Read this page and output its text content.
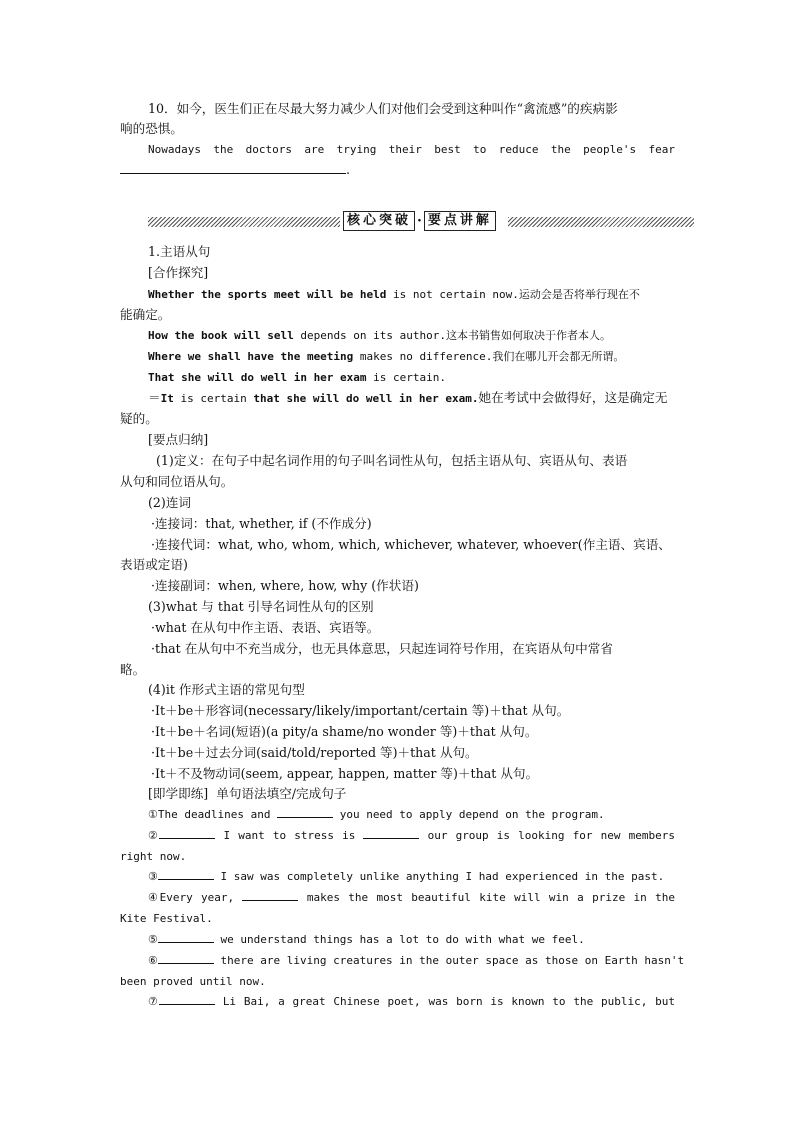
10．如今，医生们正在尽最大努力减少人们对他们会受到这种叫作“禽流感”的疾病影
响的恐惧。
Nowadays the doctors are trying their best to reduce the people's fear
.
核心突破 · 要点讲解
1.主语从句
[合作探究]
Whether the sports meet will be held is not certain now.运动会是否将举行现在不
能确定。
How the book will sell depends on its author.这本书销售如何取决于作者本人。
Where we shall have the meeting makes no difference.我们在哪儿开会都无所谓。
That she will do well in her exam is certain.
＝It is certain that she will do well in her exam.她在考试中会做得好，这是确定无
疑的。
[要点归纳]
(1)定义：在句子中起名词作用的句子叫名词性从句，包括主语从句、宾语从句、表语
从句和同位语从句。
(2)连词
·连接词：that, whether, if (不作成分)
·连接代词：what, who, whom, which, whichever, whatever, whoever(作主语、宾语、
表语或定语)
·连接副词：when, where, how, why (作状语)
(3)what 与 that 引导名词性从句的区别
·what 在从句中作主语、表语、宾语等。
·that 在从句中不充当成分，也无具体意思，只起连词符号作用，在宾语从句中常省
略。
(4)it 作形式主语的常见句型
·It＋be＋形容词(necessary/likely/important/certain 等)＋that 从句。
·It＋be＋名词(短语)(a pity/a shame/no wonder 等)＋that 从句。
·It＋be＋过去分词(said/told/reported 等)＋that 从句。
·It＋不及物动词(seem, appear, happen, matter 等)＋that 从句。
[即学即练] 单句语法填空/完成句子
①The deadlines and	you need to apply depend on the program.
②	I want to stress is	our group is looking for new members
right now.
③	I saw was completely unlike anything I had experienced in the past.
④Every year,	makes the most beautiful kite will win a prize in the
Kite Festival.
⑤	we understand things has a lot to do with what we feel.
⑥	there are living creatures in the outer space as those on Earth hasn't
been proved until now.
⑦	Li Bai, a great Chinese poet, was born is known to the public, but
